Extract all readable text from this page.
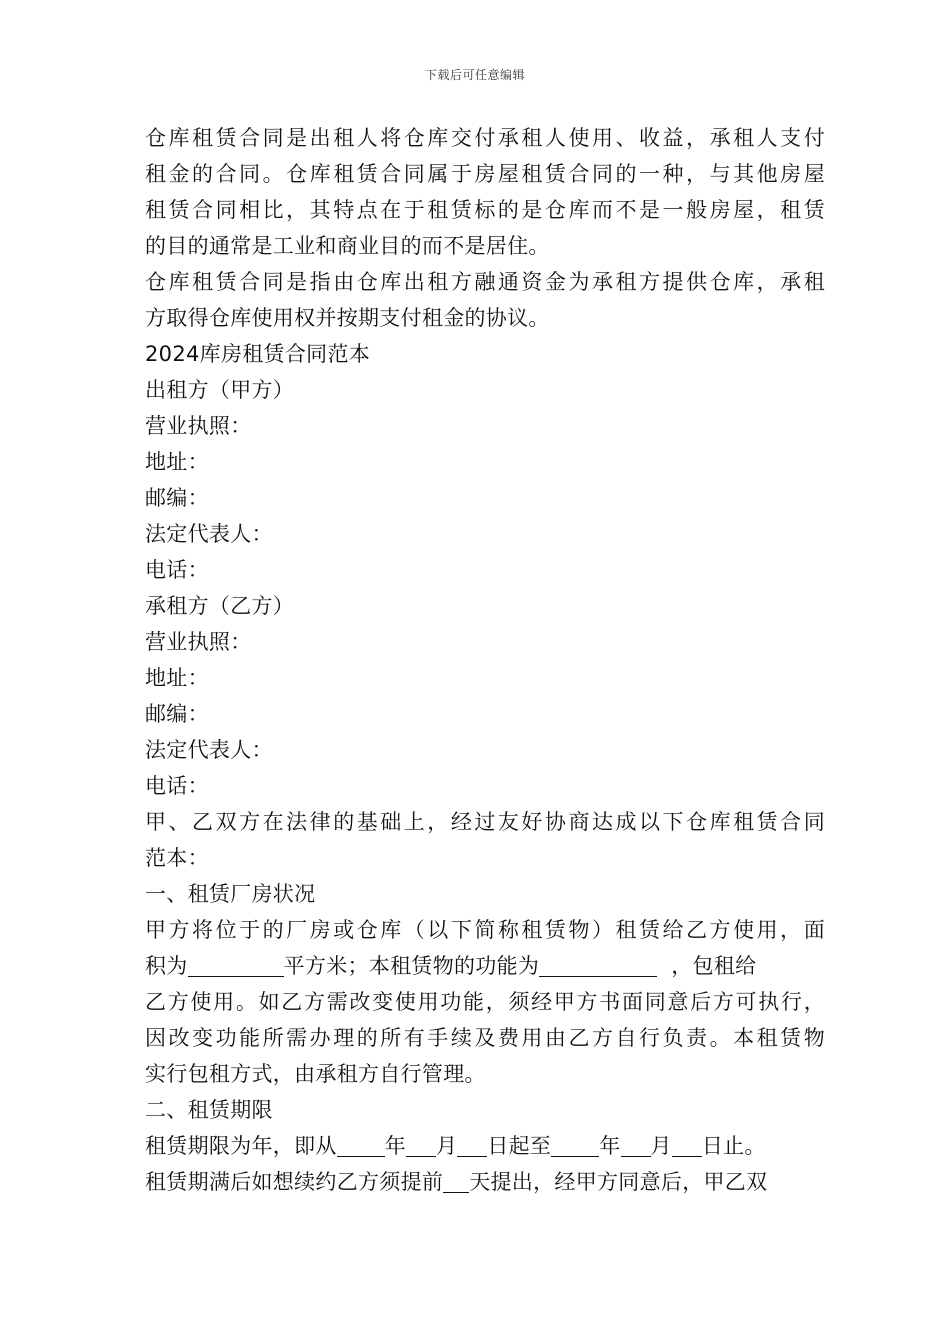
下载后可任意编辑
仓库租赁合同是出租人将仓库交付承租人使用、收益，承租人支付
租金的合同。仓库租赁合同属于房屋租赁合同的一种，与其他房屋
租赁合同相比，其特点在于租赁标的是仓库而不是一般房屋，租赁
的目的通常是工业和商业目的而不是居住。
仓库租赁合同是指由仓库出租方融通资金为承租方提供仓库，承租
方取得仓库使用权并按期支付租金的协议。
2024库房租赁合同范本
出租方（甲方）
营业执照：
地址：
邮编：
法定代表人：
电话：
承租方（乙方）
营业执照：
地址：
邮编：
法定代表人：
电话：
甲、乙双方在法律的基础上，经过友好协商达成以下仓库租赁合同
范本：
一、租赁厂房状况
甲方将位于的厂房或仓库（以下简称租赁物）租赁给乙方使用，面
积为	平方米；本租赁物的功能为	，包租给
乙方使用。如乙方需改变使用功能，须经甲方书面同意后方可执行，
因改变功能所需办理的所有手续及费用由乙方自行负责。本租赁物
实行包租方式，由承租方自行管理。
二、租赁期限
租赁期限为年，即从 年 月 日起至 年 月 日止。
租赁期满后如想续约乙方须提前 天提出，经甲方同意后，甲乙双
